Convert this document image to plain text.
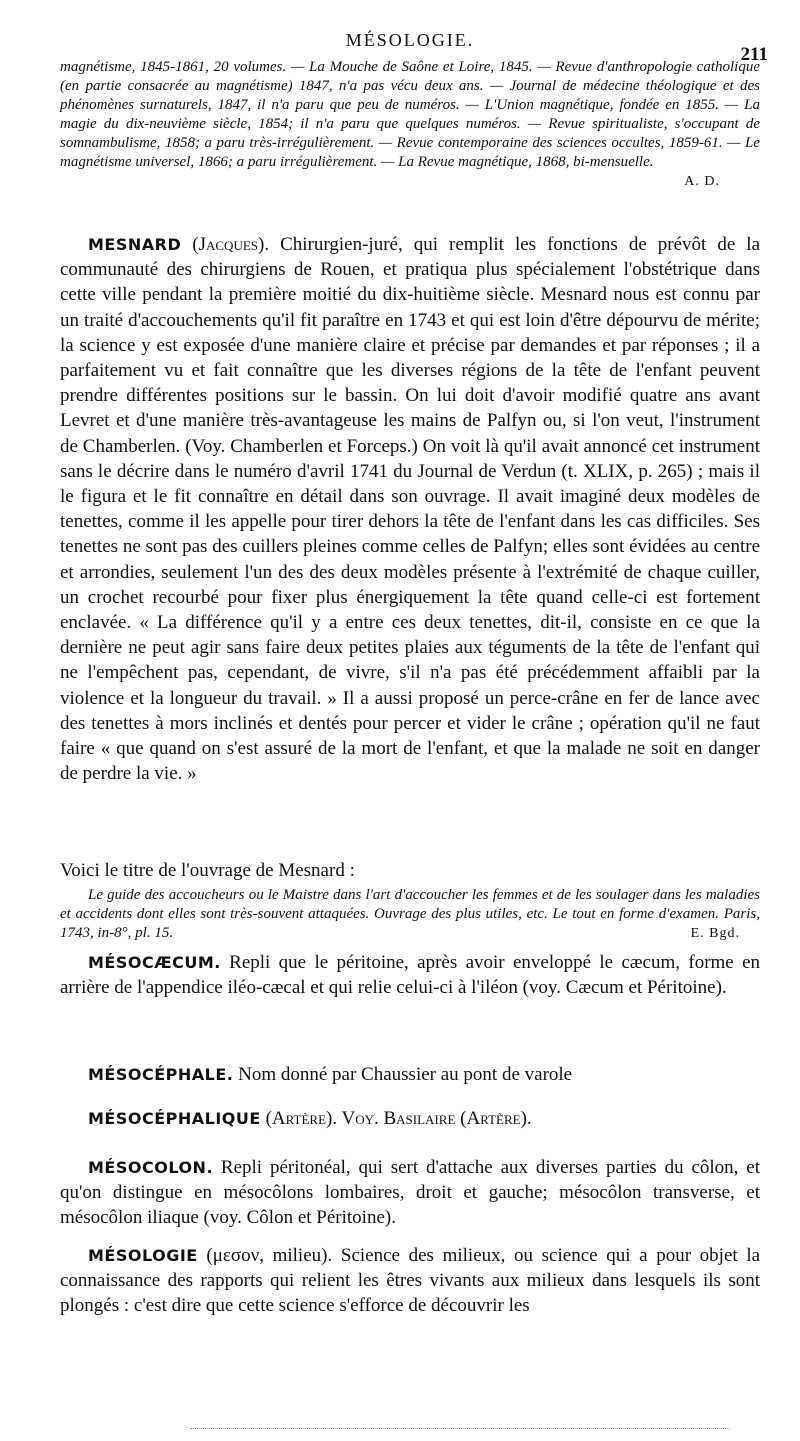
MÉSOLOGIE.
211
magnétisme, 1845-1861, 20 volumes. — La Mouche de Saône et Loire, 1845. — Revue d'anthropologie catholique (en partie consacrée au magnétisme) 1847, n'a pas vécu deux ans. — Journal de médecine théologique et des phénomènes surnaturels, 1847, il n'a paru que peu de numéros. — L'Union magnétique, fondée en 1855. — La magie du dix-neuvième siècle, 1854; il n'a paru que quelques numéros. — Revue spiritualiste, s'occupant de somnambulisme, 1858; a paru très-irrégulièrement. — Revue contemporaine des sciences occultes, 1859-61. — Le magnétisme universel, 1866; a paru irrégulièrement. — La Revue magnétique, 1868, bi-mensuelle.
A. D.
MESNARD (Jacques). Chirurgien-juré, qui remplit les fonctions de prévôt de la communauté des chirurgiens de Rouen, et pratiqua plus spécialement l'obstétrique dans cette ville pendant la première moitié du dix-huitième siècle. Mesnard nous est connu par un traité d'accouchements qu'il fit paraître en 1743 et qui est loin d'être dépourvu de mérite; la science y est exposée d'une manière claire et précise par demandes et par réponses ; il a parfaitement vu et fait connaître que les diverses régions de la tête de l'enfant peuvent prendre différentes positions sur le bassin. On lui doit d'avoir modifié quatre ans avant Levret et d'une manière très-avantageuse les mains de Palfyn ou, si l'on veut, l'instrument de Chamberlen. (Voy. Chamberlen et Forceps.) On voit là qu'il avait annoncé cet instrument sans le décrire dans le numéro d'avril 1741 du Journal de Verdun (t. XLIX, p. 265) ; mais il le figura et le fit connaître en détail dans son ouvrage. Il avait imaginé deux modèles de tenettes, comme il les appelle pour tirer dehors la tête de l'enfant dans les cas difficiles. Ses tenettes ne sont pas des cuillers pleines comme celles de Palfyn; elles sont évidées au centre et arrondies, seulement l'un des des deux modèles présente à l'extrémité de chaque cuiller, un crochet recourbé pour fixer plus énergiquement la tête quand celle-ci est fortement enclavée. « La différence qu'il y a entre ces deux tenettes, dit-il, consiste en ce que la dernière ne peut agir sans faire deux petites plaies aux téguments de la tête de l'enfant qui ne l'empêchent pas, cependant, de vivre, s'il n'a pas été précédemment affaibli par la violence et la longueur du travail. » Il a aussi proposé un perce-crâne en fer de lance avec des tenettes à mors inclinés et dentés pour percer et vider le crâne ; opération qu'il ne faut faire « que quand on s'est assuré de la mort de l'enfant, et que la malade ne soit en danger de perdre la vie. »
Voici le titre de l'ouvrage de Mesnard :
Le guide des accoucheurs ou le Maistre dans l'art d'accoucher les femmes et de les soulager dans les maladies et accidents dont elles sont très-souvent attaquées. Ouvrage des plus utiles, etc. Le tout en forme d'examen. Paris, 1743, in-8°, pl. 15.	E. Bgd.
MÉSOCÆCUM. Repli que le péritoine, après avoir enveloppé le cæcum, forme en arrière de l'appendice iléo-cæcal et qui relie celui-ci à l'iléon (voy. Cæcum et Péritoine).
MÉSOCÉPHALE. Nom donné par Chaussier au pont de varole
MÉSOCÉPHALIQUE (Artère). Voy. Basilaire (Artère).
MÉSOCOLON. Repli péritonéal, qui sert d'attache aux diverses parties du côlon, et qu'on distingue en mésocôlons lombaires, droit et gauche; mésocôlon transverse, et mésocôlon iliaque (voy. Côlon et Péritoine).
MÉSOLOGIE (μεσον, milieu). Science des milieux, ou science qui a pour objet la connaissance des rapports qui relient les êtres vivants aux milieux dans lesquels ils sont plongés : c'est dire que cette science s'efforce de découvrir les
